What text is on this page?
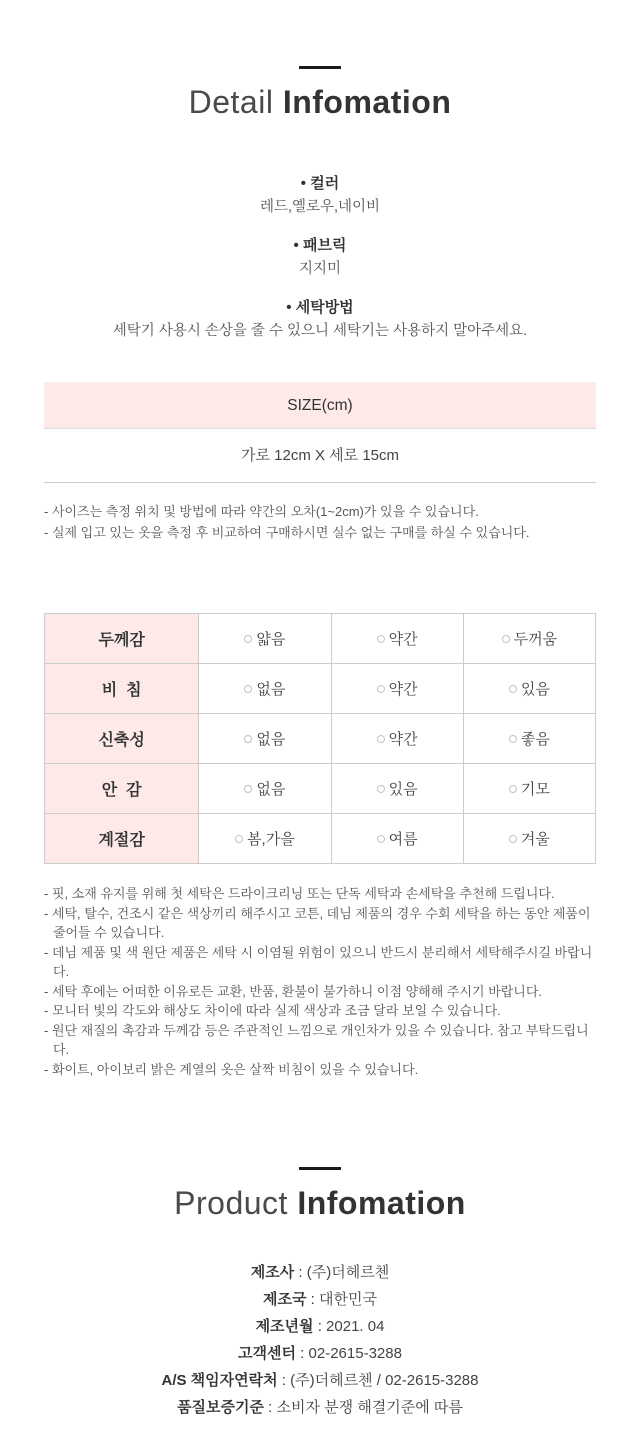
Detail Infomation
• 컬러
레드,옐로우,네이비
• 패브릭
지지미
• 세탁방법
세탁기 사용시 손상을 줄 수 있으니 세탁기는 사용하지 말아주세요.
SIZE(cm)
가로 12cm X 세로 15cm

- 사이즈는 측정 위치 및 방법에 따라 약간의 오차(1~2cm)가 있을 수 있습니다.

- 실제 입고 있는 옷을 측정 후 비교하여 구매하시면 실수 없는 구매를 하실 수 있습니다.

두께감	얇음	약간	두꺼움
비  침	없음	약간	있음
신축성	없음	약간	좋음
안  감	없음	있음	기모
계절감	봄,가을	여름	겨울

- 핏, 소재 유지를 위해 첫 세탁은 드라이크리닝 또는 단독 세탁과 손세탁을 추천해 드립니다.

- 세탁, 탈수, 건조시 같은 색상끼리 해주시고 코튼, 데님 제품의 경우 수회 세탁을 하는 동안 제품이 줄어들 수 있습니다.

- 데님 제품 및 색 원단 제품은 세탁 시 이염될 위험이 있으니 반드시 분리해서 세탁해주시길 바랍니다.

- 세탁 후에는 어떠한 이유로든 교환, 반품, 환불이 불가하니 이점 양해해 주시기 바랍니다.

- 모니터 빛의 각도와 해상도 차이에 따라 실제 색상과 조금 달라 보일 수 있습니다.

- 원단 재질의 촉감과 두께감 등은 주관적인 느낌으로 개인차가 있을 수 있습니다. 참고 부탁드립니다.

- 화이트, 아이보리 밝은 계열의 옷은 살짝 비침이 있을 수 있습니다.

Product Infomation
제조사 : (주)더헤르첸
제조국 : 대한민국
제조년월 : 2021. 04
고객센터 : 02-2615-3288
A/S 책임자연락처 : (주)더헤르첸 / 02-2615-3288
품질보증기준 : 소비자 분쟁 해결기준에 따름
